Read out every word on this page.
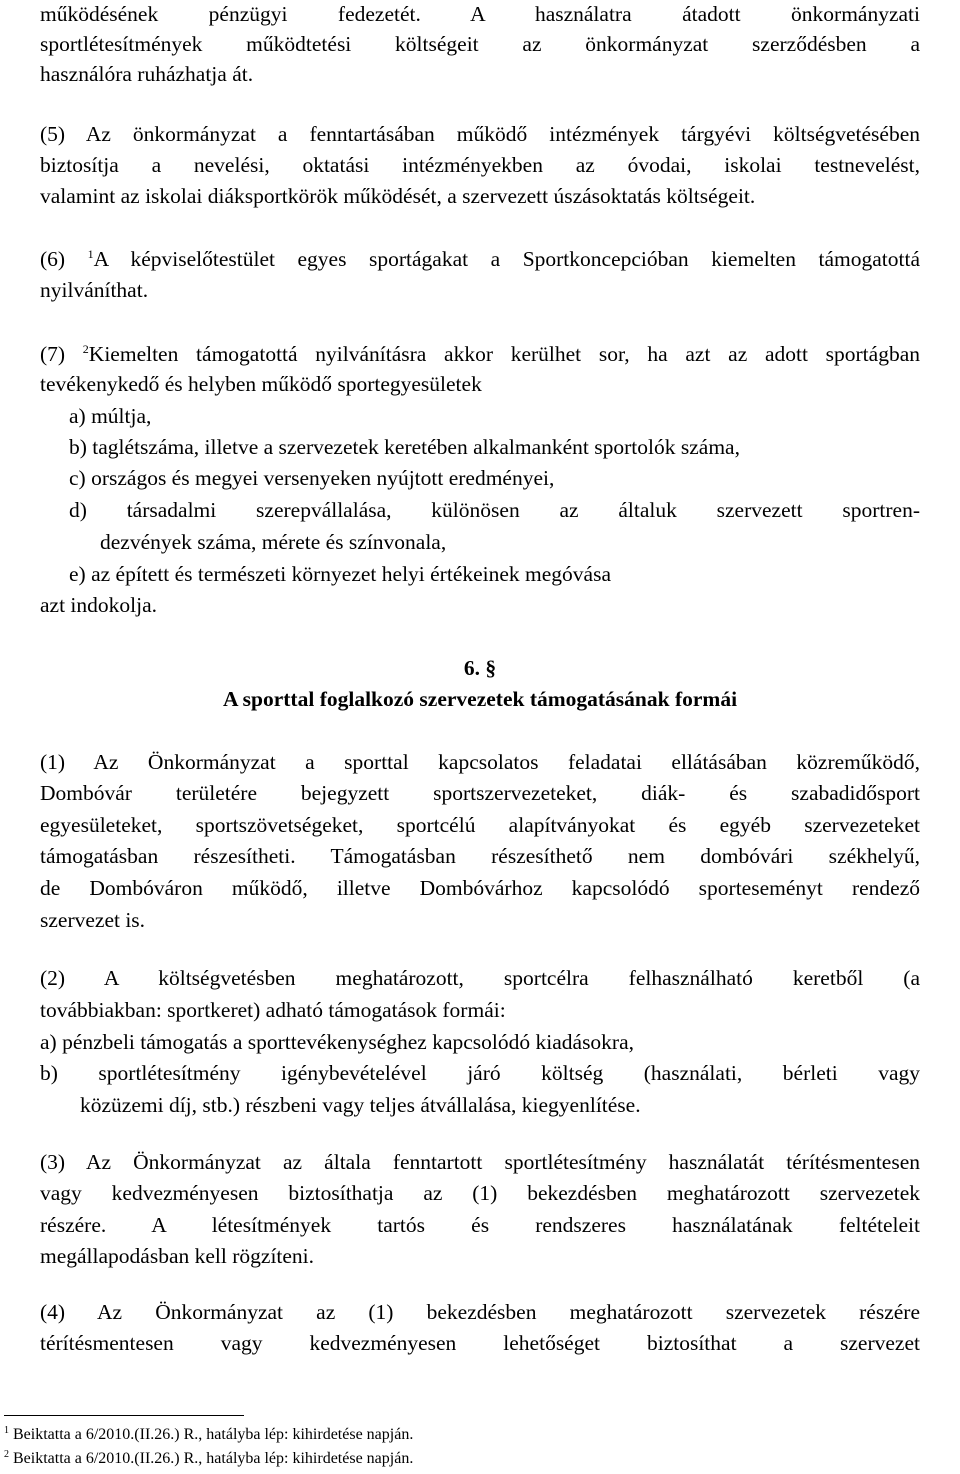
működésének pénzügyi fedezetét. A használatra átadott önkormányzati
sportlétesítmények működtetési költségeit az önkormányzat szerződésben a
használóra ruházhatja át.
(5) Az önkormányzat a fenntartásában működő intézmények tárgyévi költségvetésében
biztosítja a nevelési, oktatási intézményekben az óvodai, iskolai testnevelést,
valamint az iskolai diáksportkörök működését, a szervezett úszásoktatás költségeit.
(6) $^1$A képviselőtestület egyes sportágakat a Sportkoncepcióban kiemelten támogatottá
nyilváníthat.
(7) $^2$Kiemelten támogatottá nyilvánításra akkor kerülhet sor, ha azt az adott sportágban
tevékenykedő és helyben működő sportegyesületek
a) múltja,
b) taglétszáma, illetve a szervezetek keretében alkalmanként sportolók száma,
c) országos és megyei versenyeken nyújtott eredményei,
d) társadalmi szerepvállalása, különösen az általuk szervezett sportren-
dezvények száma, mérete és színvonala,
e) az épített és természeti környezet helyi értékeinek megóvása
azt indokolja.
6. §
A sporttal foglalkozó szervezetek támogatásának formái
(1) Az Önkormányzat a sporttal kapcsolatos feladatai ellátásában közreműködő,
Dombóvár területére bejegyzett sportszervezeteket, diák- és szabadidősport
egyesületeket, sportszövetségeket, sportcélú alapítványokat és egyéb szervezeteket
támogatásban részesítheti. Támogatásban részesíthető nem dombóvári székhelyű,
de Dombóváron működő, illetve Dombóvárhoz kapcsolódó sporteseményt rendező
szervezet is.
(2) A költségvetésben meghatározott, sportcélra felhasználható keretből (a
továbbiakban: sportkeret) adható támogatások formái:
a) pénzbeli támogatás a sporttevékenységhez kapcsolódó kiadásokra,
b) sportlétesítmény igénybevételével járó költség (használati, bérleti vagy
közüzemi díj, stb.) részbeni vagy teljes átvállalása, kiegyenlítése.
(3) Az Önkormányzat az általa fenntartott sportlétesítmény használatát térítésmentesen
vagy kedvezményesen biztosíthatja az (1) bekezdésben meghatározott szervezetek
részére. A létesítmények tartós és rendszeres használatának feltételeit
megállapodásban kell rögzíteni.
(4) Az Önkormányzat az (1) bekezdésben meghatározott szervezetek részére
térítésmentesen vagy kedvezményesen lehetőséget biztosíthat a szervezet
$^1$ Beiktatta a 6/2010.(II.26.) R., hatályba lép: kihirdetése napján.
$^2$ Beiktatta a 6/2010.(II.26.) R., hatályba lép: kihirdetése napján.
